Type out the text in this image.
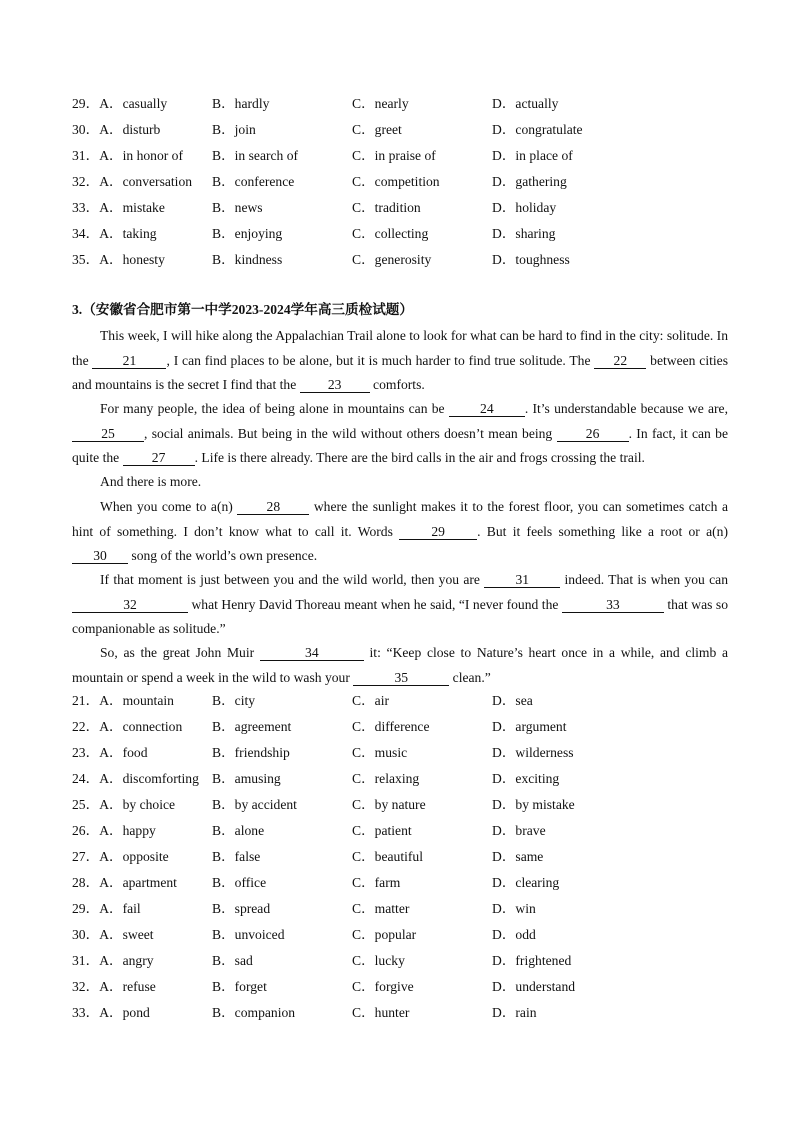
29．A．casually	B．hardly	C．nearly	D．actually
30．A．disturb	B．join	C．greet	D．congratulate
31．A．in honor of B．in search of	C．in praise of	D．in place of
32．A．conversation B．conference	C．competition	D．gathering
33．A．mistake	B．news	C．tradition	D．holiday
34．A．taking	B．enjoying	C．collecting	D．sharing
35．A．honesty	B．kindness	C．generosity	D．toughness
3.（安徽省合肥市第一中学2023-2024学年高三质检试题）

This week, I will hike along the Appalachian Trail alone to look for what can be hard to find in the city: solitude. In the 21 , I can find places to be alone, but it is much harder to find true solitude. The 22 between cities and mountains is the secret I find that the 23 comforts.

For many people, the idea of being alone in mountains can be 24 . It’s understandable because we are, 25 , social animals. But being in the wild without others doesn’t mean being 26 . In fact, it can be quite the 27 . Life is there already. There are the bird calls in the air and frogs crossing the trail.

And there is more.

When you come to a(n) 28 where the sunlight makes it to the forest floor, you can sometimes catch a hint of something. I don’t know what to call it. Words 29 . But it feels something like a root or a(n) 30 song of the world’s own presence.

If that moment is just between you and the wild world, then you are 31 indeed. That is when you can 32	what Henry David Thoreau meant when he said, “I never found the	33	that was so companionable as solitude.”

So, as the great John Muir	34	it: “Keep close to Nature’s heart once in a while, and climb a mountain or spend a week in the wild to wash your	35	clean.”

21．A．mountain	B．city	C．air	D．sea
22．A．connection B．agreement	C．difference	D．argument
23．A．food	B．friendship	C．music	D．wilderness
24．A．discomforting B．amusing	C．relaxing	D．exciting
25．A．by choice	B．by accident	C．by nature	D．by mistake
26．A．happy	B．alone	C．patient	D．brave
27．A．opposite	B．false	C．beautiful	D．same
28．A．apartment	B．office	C．farm	D．clearing
29．A．fail	B．spread	C．matter	D．win
30．A．sweet	B．unvoiced	C．popular	D．odd
31．A．angry	B．sad	C．lucky	D．frightened
32．A．refuse	B．forget	C．forgive	D．understand
33．A．pond	B．companion	C．hunter	D．rain
